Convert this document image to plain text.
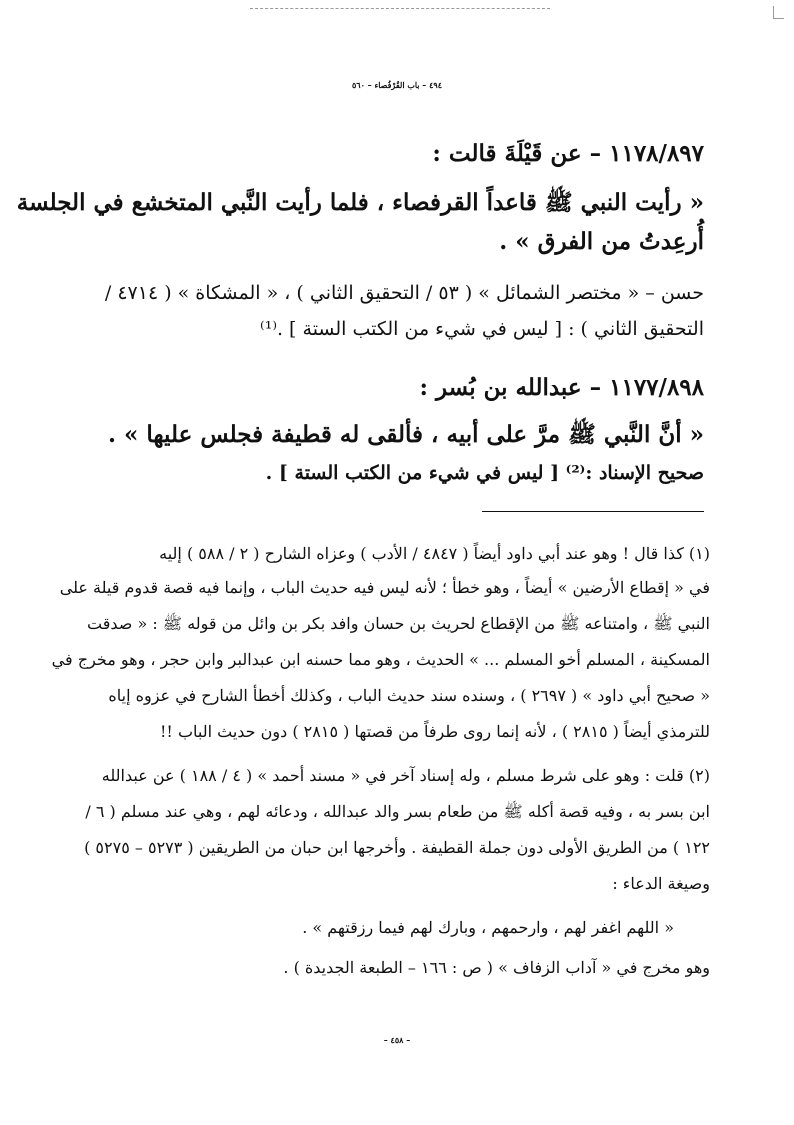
٤٩٤ – باب القُرْفُصاء – ٥٦٠
١١٧٨/٨٩٧ – عن قَيْلَةَ قالت :
« رأيت النبي ﷺ قاعداً القرفصاء ، فلما رأيت النَّبي المتخشع في الجلسة
أُرعِدتُ من الفرق » .
حسن – « مختصر الشمائل » ( ٥٣ / التحقيق الثاني ) ، « المشكاة » ( ٤٧١٤ /
التحقيق الثاني ) : [ ليس في شيء من الكتب الستة ] .⁽¹⁾
١١٧٧/٨٩٨ – عبدالله بن بُسر :
« أنَّ النَّبي ﷺ مرَّ على أبيه ، فألقى له قطيفة فجلس عليها » .
صحيح الإسناد :⁽²⁾ [ ليس في شيء من الكتب الستة ] .
(١) كذا قال ! وهو عند أبي داود أيضاً ( ٤٨٤٧ / الأدب ) وعزاه الشارح ( ٢ / ٥٨٨ ) إليه
في « إقطاع الأرضين » أيضاً ، وهو خطأ ؛ لأنه ليس فيه حديث الباب ، وإنما فيه قصة قدوم قيلة على
النبي ﷺ ، وامتناعه ﷺ من الإقطاع لحريث بن حسان وافد بكر بن وائل من قوله ﷺ : « صدقت
المسكينة ، المسلم أخو المسلم ... » الحديث ، وهو مما حسنه ابن عبدالبر وابن حجر ، وهو مخرج في
« صحيح أبي داود » ( ٢٦٩٧ ) ، وسنده سند حديث الباب ، وكذلك أخطأ الشارح في عزوه إياه
للترمذي أيضاً ( ٢٨١٥ ) ، لأنه إنما روى طرفاً من قصتها ( ٢٨١٥ ) دون حديث الباب !!
(٢) قلت : وهو على شرط مسلم ، وله إسناد آخر في « مسند أحمد » ( ٤ / ١٨٨ ) عن عبدالله
ابن بسر به ، وفيه قصة أكله ﷺ من طعام بسر والد عبدالله ، ودعائه لهم ، وهي عند مسلم ( ٦ /
١٢٢ ) من الطريق الأولى دون جملة القطيفة . وأخرجها ابن حبان من الطريقين ( ٥٢٧٣ – ٥٢٧٥ )
وصيغة الدعاء :
« اللهم اغفر لهم ، وارحمهم ، وبارك لهم فيما رزقتهم » .
وهو مخرج في « آداب الزفاف » ( ص : ١٦٦ – الطبعة الجديدة ) .
– ٤٥٨ –
